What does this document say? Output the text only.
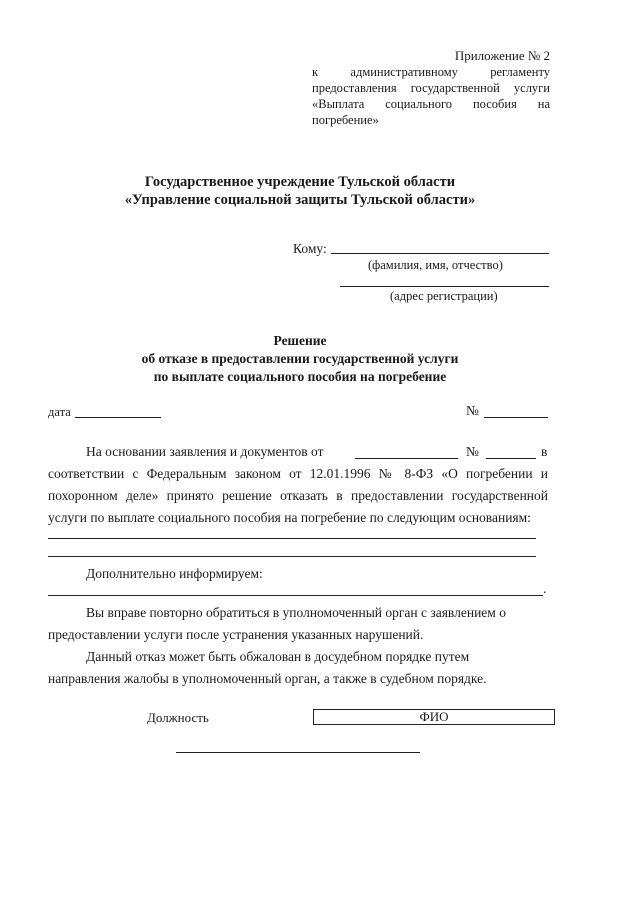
Приложение № 2
к административному регламенту
предоставления государственной услуги
«Выплата социального пособия на
погребение»
Государственное учреждение Тульской области
«Управление социальной защиты Тульской области»
Кому:
(фамилия, имя, отчество)
(адрес регистрации)
Решение
об отказе в предоставлении государственной услуги
по выплате социального пособия на погребение
дата	№
На основании заявления и документов от	№	в
соответствии с Федеральным законом от 12.01.1996 № 8-ФЗ «О погребении и
похоронном деле» принято решение отказать в предоставлении государственной
услуги по выплате социального пособия на погребение по следующим основаниям:
Дополнительно информируем:
.
Вы вправе повторно обратиться в уполномоченный орган с заявлением о
предоставлении услуги после устранения указанных нарушений.
Данный отказ может быть обжалован в досудебном порядке путем
направления жалобы в уполномоченный орган, а также в судебном порядке.
Должность	ФИО
